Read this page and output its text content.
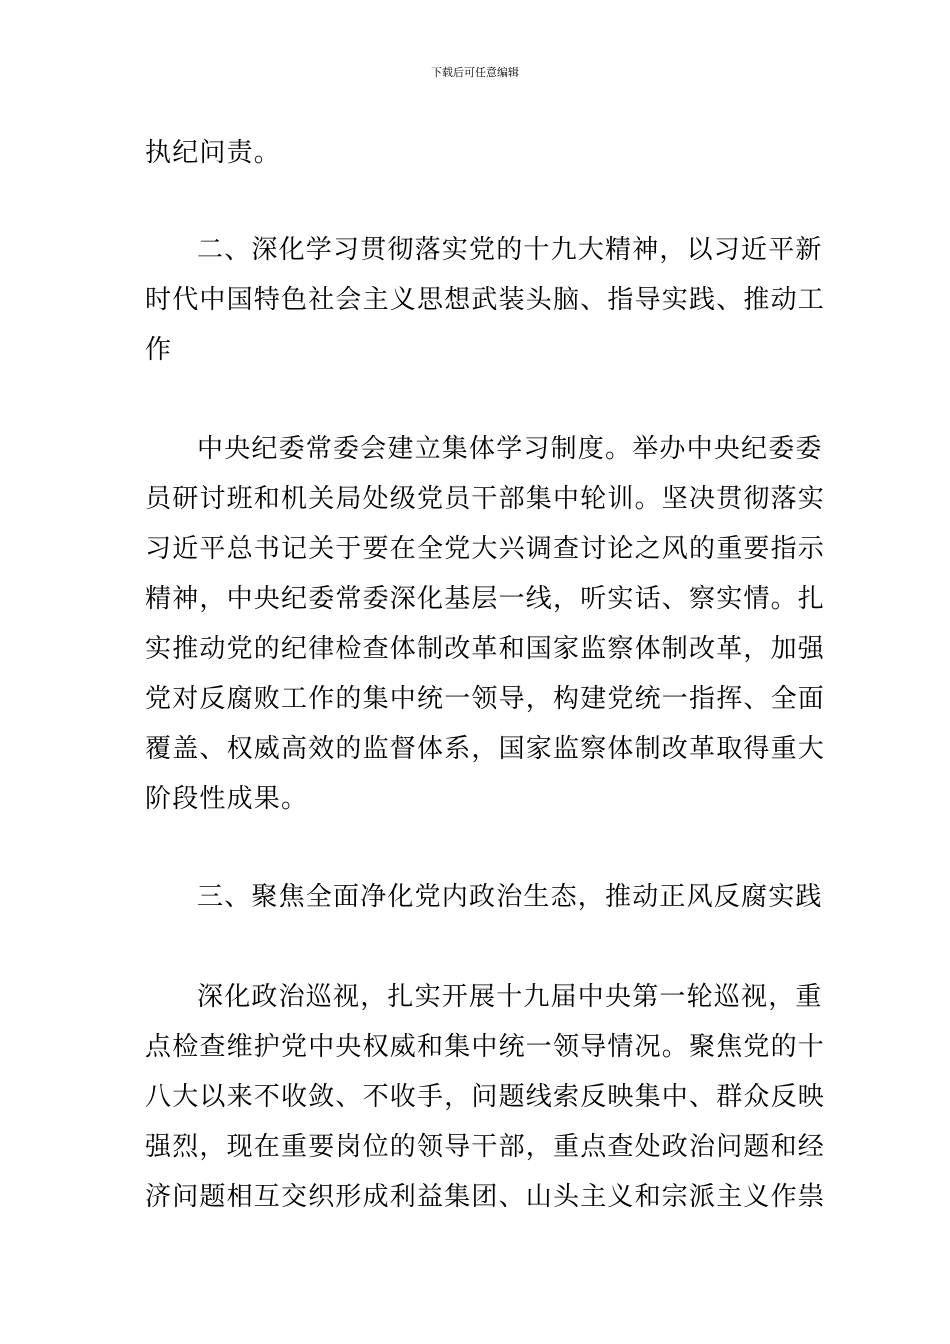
下载后可任意编辑
执纪问责。
二、深化学习贯彻落实党的十九大精神，以习近平新
时代中国特色社会主义思想武装头脑、指导实践、推动工
作
中央纪委常委会建立集体学习制度。举办中央纪委委
员研讨班和机关局处级党员干部集中轮训。坚决贯彻落实
习近平总书记关于要在全党大兴调查讨论之风的重要指示
精神，中央纪委常委深化基层一线，听实话、察实情。扎
实推动党的纪律检查体制改革和国家监察体制改革，加强
党对反腐败工作的集中统一领导，构建党统一指挥、全面
覆盖、权威高效的监督体系，国家监察体制改革取得重大
阶段性成果。
三、聚焦全面净化党内政治生态，推动正风反腐实践
深化政治巡视，扎实开展十九届中央第一轮巡视，重
点检查维护党中央权威和集中统一领导情况。聚焦党的十
八大以来不收敛、不收手，问题线索反映集中、群众反映
强烈，现在重要岗位的领导干部，重点查处政治问题和经
济问题相互交织形成利益集团、山头主义和宗派主义作祟
